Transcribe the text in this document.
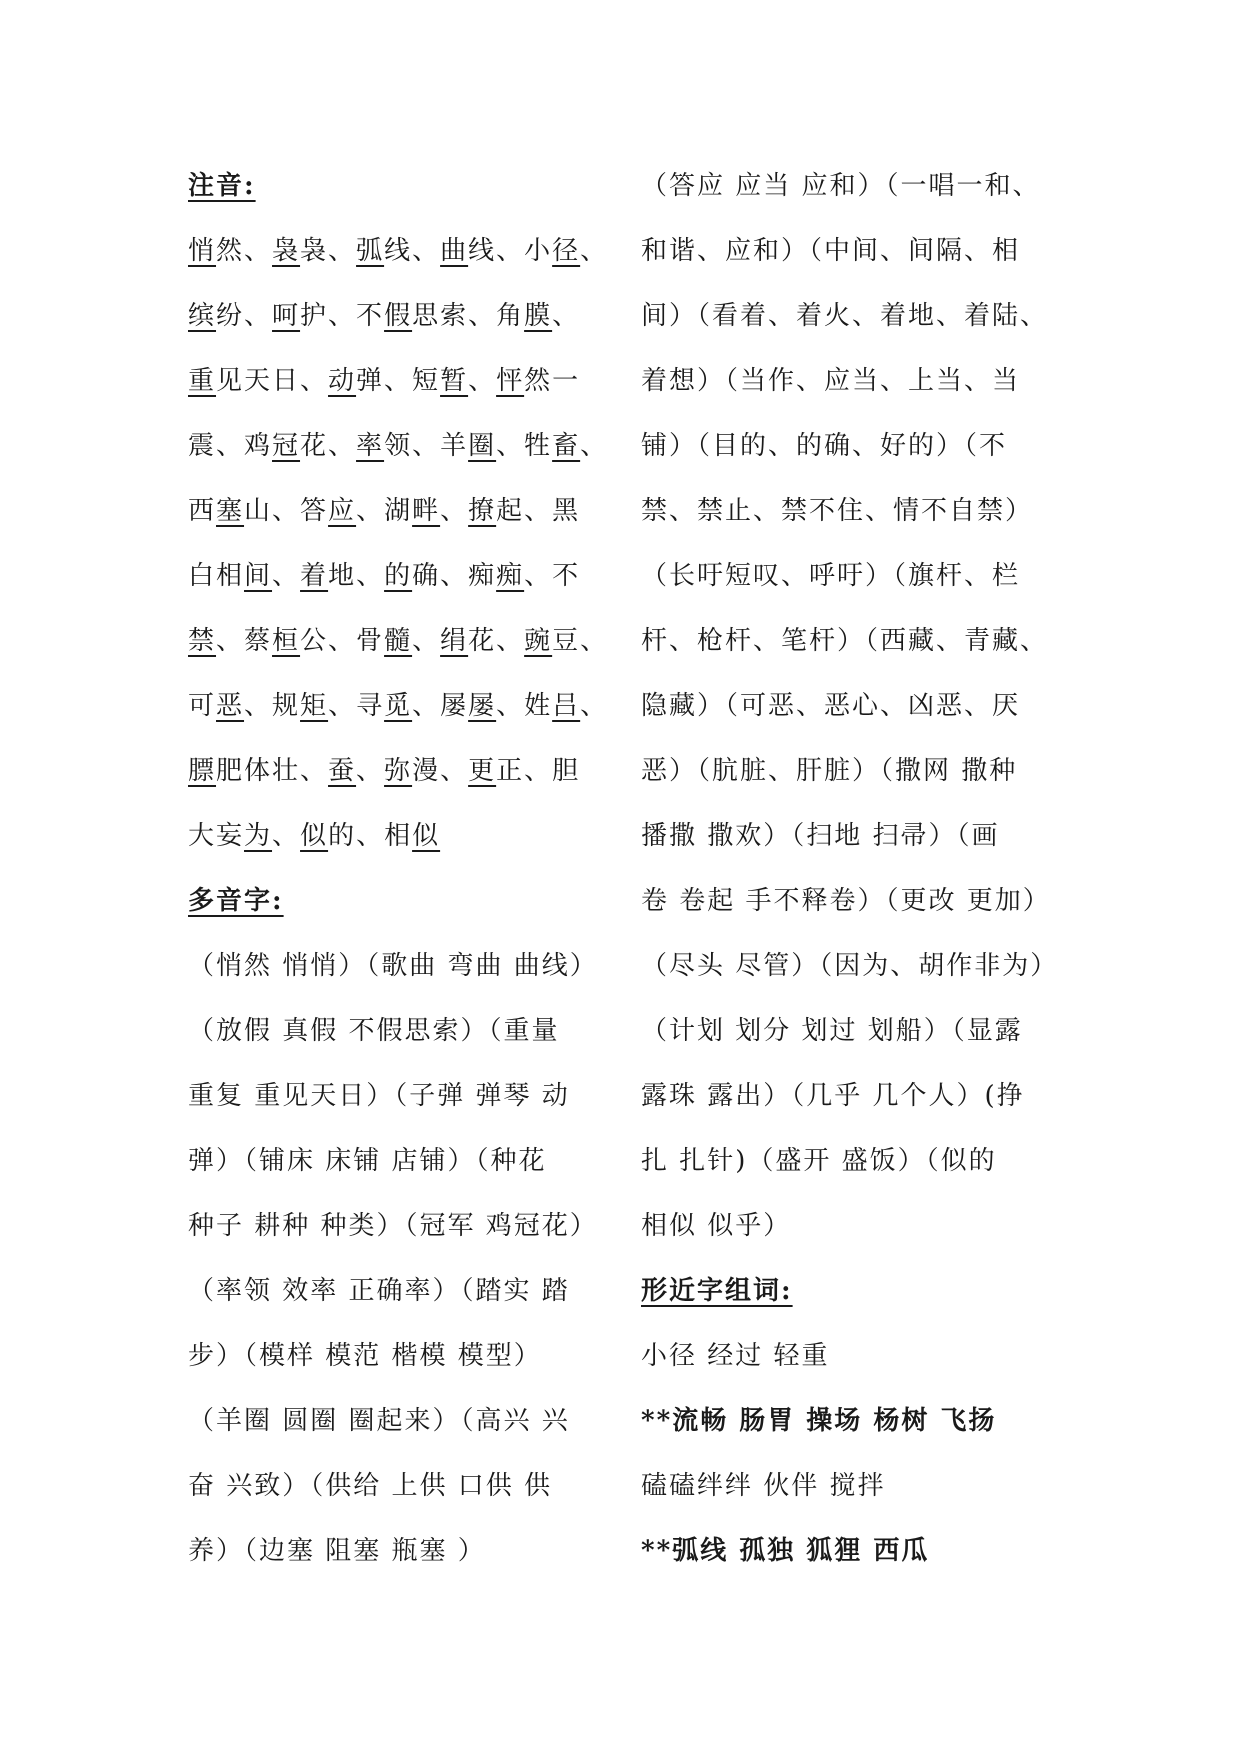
注音:
悄然、袅袅、弧线、曲线、小径、
缤纷、呵护、不假思索、角膜、
重见天日、动弹、短暂、怦然一
震、鸡冠花、率领、羊圈、牲畜、
西塞山、答应、湖畔、撩起、黑
白相间、着地、的确、痴痴、不
禁、蔡桓公、骨髓、绢花、豌豆、
可恶、规矩、寻觅、屡屡、姓吕、
膘肥体壮、蚕、弥漫、更正、胆
大妄为、似的、相似
多音字:
（悄然 悄悄）（歌曲 弯曲 曲线）
（放假 真假 不假思索）（重量
重复 重见天日）（子弹 弹琴 动
弹）（铺床 床铺 店铺）（种花
种子 耕种 种类）（冠军 鸡冠花）
（率领 效率 正确率）（踏实 踏
步）（模样 模范 楷模 模型）
（羊圈 圆圈 圈起来）（高兴 兴
奋 兴致）（供给 上供 口供 供
养）（边塞 阻塞 瓶塞 ）
（答应 应当 应和）（一唱一和、
和谐、应和）（中间、间隔、相
间）（看着、着火、着地、着陆、
着想）（当作、应当、上当、当
铺）（目的、的确、好的）（不
禁、禁止、禁不住、情不自禁）
（长吁短叹、呼吁）（旗杆、栏
杆、枪杆、笔杆）（西藏、青藏、
隐藏）（可恶、恶心、凶恶、厌
恶）（肮脏、肝脏）（撒网 撒种
播撒 撒欢）（扫地 扫帚）（画
卷 卷起 手不释卷）（更改 更加）
（尽头 尽管）（因为、胡作非为）
（计划 划分 划过 划船）（显露
露珠 露出）（几乎 几个人）(挣
扎 扎针)（盛开 盛饭）（似的
相似 似乎）
形近字组词:
小径 经过 轻重
**流畅 肠胃 操场 杨树 飞扬
磕磕绊绊 伙伴 搅拌
**弧线 孤独 狐狸 西瓜
